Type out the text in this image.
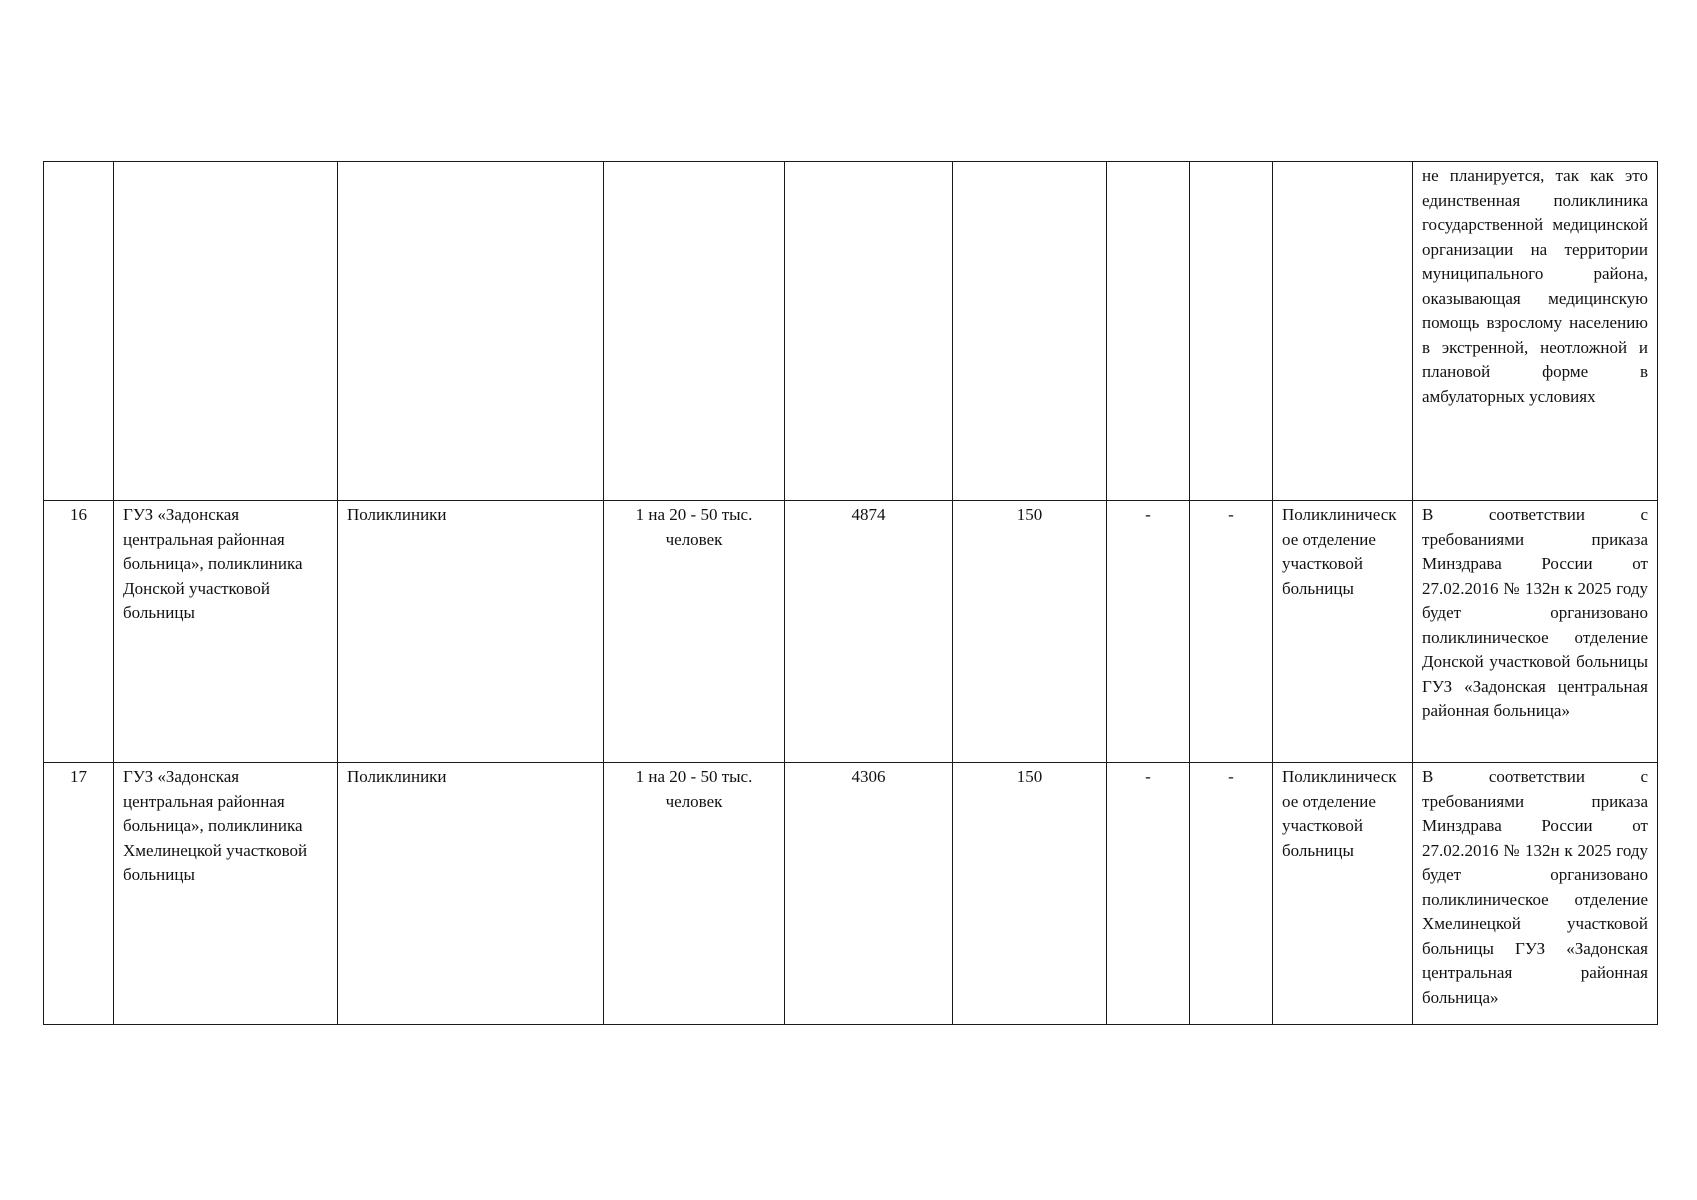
									не планируется, так как это единственная поликлиника государственной медицинской организации на территории муниципального района, оказывающая медицинскую помощь взрослому населению в экстренной, неотложной и плановой форме в амбулаторных условиях
16	ГУЗ «Задонская центральная районная больница», поликлиника Донской участковой больницы	Поликлиники	1 на 20 - 50 тыс. человек	4874	150	-	-	Поликлиническое отделение участковой больницы	В соответствии с требованиями приказа Минздрава России от 27.02.2016 № 132н к 2025 году будет организовано поликлиническое отделение Донской участковой больницы ГУЗ «Задонская центральная районная больница»
17	ГУЗ «Задонская центральная районная больница», поликлиника Хмелинецкой участковой больницы	Поликлиники	1 на 20 - 50 тыс. человек	4306	150	-	-	Поликлиническое отделение участковой больницы	В соответствии с требованиями приказа Минздрава России от 27.02.2016 № 132н к 2025 году будет организовано поликлиническое отделение Хмелинецкой участковой больницы ГУЗ «Задонская центральная районная больница»
